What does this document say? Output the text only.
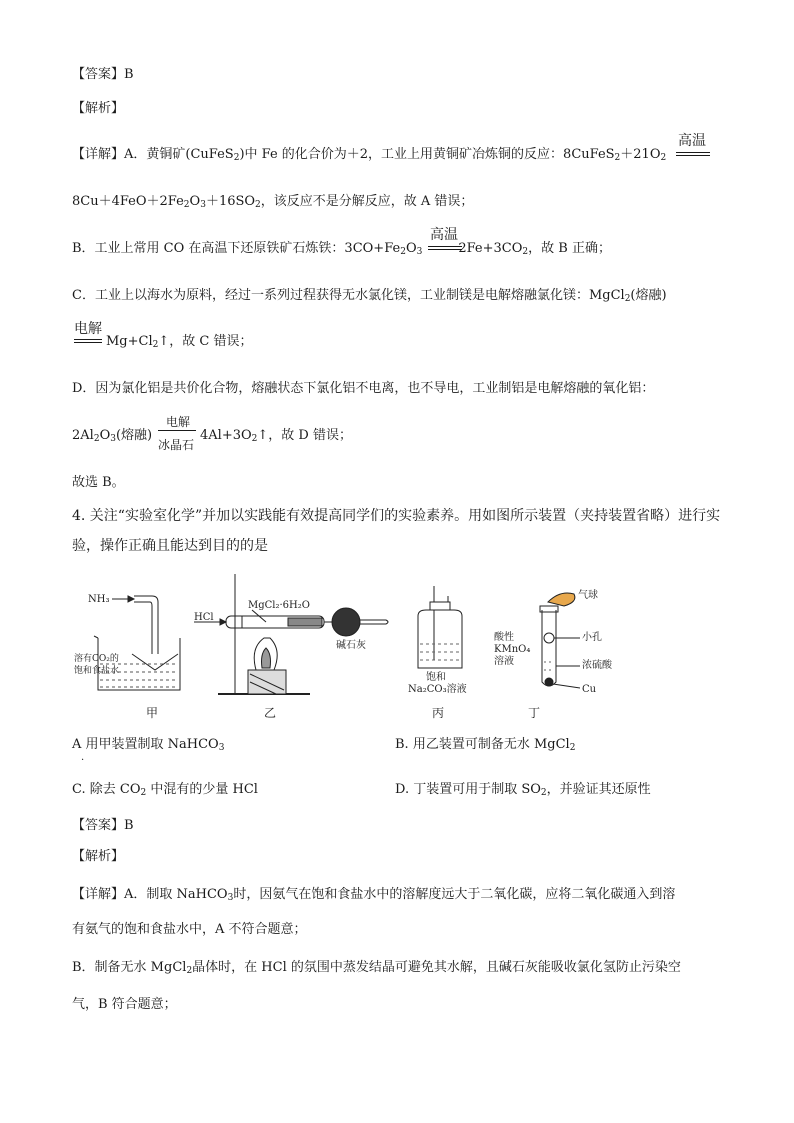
【答案】B
【解析】
【详解】A．黄铜矿(CuFeS$_2$)中 Fe 的化合价为＋2，工业上用黄铜矿冶炼铜的反应：$8CuFeS_2+21O_2$
高温
$8Cu+4FeO+2Fe_2O_3+16SO_2$，该反应不是分解反应，故 A 错误；
B．工业上常用 CO 在高温下还原铁矿石炼铁：$3CO+Fe_2O_3$	$2Fe+3CO_2$，故 B 正确；
高温
C．工业上以海水为原料，经过一系列过程获得无水氯化镁，工业制镁是电解熔融氯化镁：MgCl$_2$(熔融)
电解
$Mg+Cl_2↑$，故 C 错误；
D．因为氯化铝是共价化合物，熔融状态下氯化铝不电离，也不导电，工业制铝是电解熔融的氧化铝：
$2Al_2O_3$(熔融)
电解
冰晶石
$4Al+3O_2↑$，故 D 错误；
故选 B。
4. 关注“实验室化学”并加以实践能有效提高同学们的实验素养。用如图所示装置（夹持装置省略）进行实
验，操作正确且能达到目的的是
NH₃
溶有CO₂的
饱和食盐水
甲
HCl
MgCl₂·6H₂O
碱石灰
乙
饱和
Na₂CO₃溶液
丙
气球
小孔
酸性
KMnO₄
溶液	浓硫酸
Cu
丁
A 用甲装置制取 NaHCO$_3$
.
B. 用乙装置可制备无水 MgCl$_2$
C. 除去 $CO_2$ 中混有的少量 HCl	D. 丁装置可用于制取 $SO_2$，并验证其还原性
【答案】B
【解析】
【详解】A．制取 NaHCO$_3$时，因氨气在饱和食盐水中的溶解度远大于二氧化碳，应将二氧化碳通入到溶
有氨气的饱和食盐水中，A 不符合题意；
B．制备无水 MgCl$_2$晶体时，在 HCl 的氛围中蒸发结晶可避免其水解，且碱石灰能吸收氯化氢防止污染空
气，B 符合题意；
